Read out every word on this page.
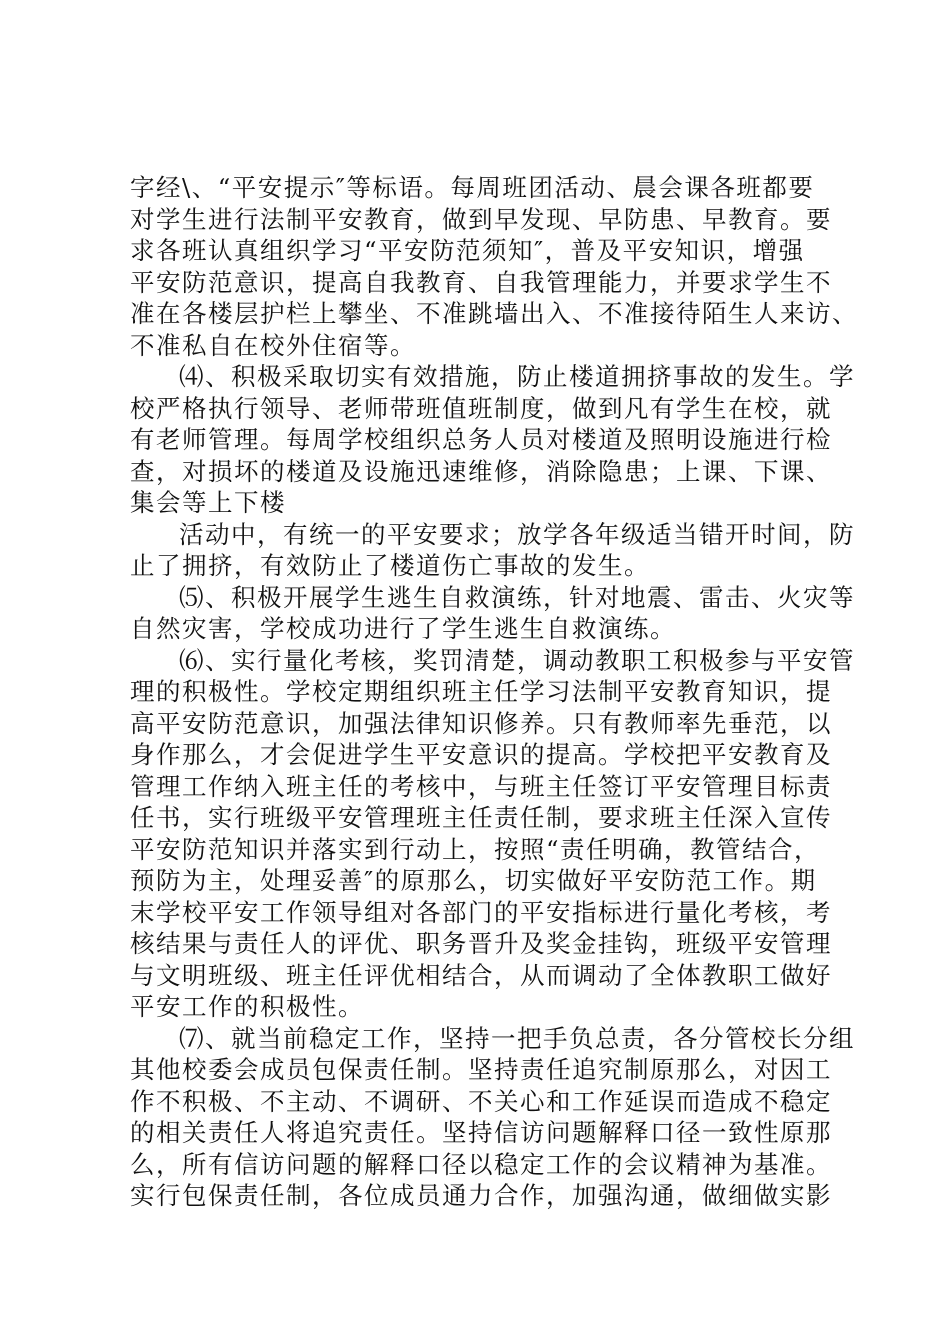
字经\、“平安提示″等标语。每周班团活动、晨会课各班都要
对学生进行法制平安教育，做到早发现、早防患、早教育。要
求各班认真组织学习“平安防范须知″，普及平安知识，增强
平安防范意识，提高自我教育、自我管理能力，并要求学生不
准在各楼层护栏上攀坐、不准跳墙出入、不准接待陌生人来访、
不准私自在校外住宿等。
⑷、积极采取切实有效措施，防止楼道拥挤事故的发生。学
校严格执行领导、老师带班值班制度，做到凡有学生在校，就
有老师管理。每周学校组织总务人员对楼道及照明设施进行检
查，对损坏的楼道及设施迅速维修，消除隐患；上课、下课、
集会等上下楼
活动中，有统一的平安要求；放学各年级适当错开时间，防
止了拥挤，有效防止了楼道伤亡事故的发生。
⑸、积极开展学生逃生自救演练，针对地震、雷击、火灾等
自然灾害，学校成功进行了学生逃生自救演练。
⑹、实行量化考核，奖罚清楚，调动教职工积极参与平安管
理的积极性。学校定期组织班主任学习法制平安教育知识，提
高平安防范意识，加强法律知识修养。只有教师率先垂范，以
身作那么，才会促进学生平安意识的提高。学校把平安教育及
管理工作纳入班主任的考核中，与班主任签订平安管理目标责
任书，实行班级平安管理班主任责任制，要求班主任深入宣传
平安防范知识并落实到行动上，按照“责任明确，教管结合，
预防为主，处理妥善″的原那么，切实做好平安防范工作。期
末学校平安工作领导组对各部门的平安指标进行量化考核，考
核结果与责任人的评优、职务晋升及奖金挂钩，班级平安管理
与文明班级、班主任评优相结合，从而调动了全体教职工做好
平安工作的积极性。
⑺、就当前稳定工作，坚持一把手负总责，各分管校长分组
其他校委会成员包保责任制。坚持责任追究制原那么，对因工
作不积极、不主动、不调研、不关心和工作延误而造成不稳定
的相关责任人将追究责任。坚持信访问题解释口径一致性原那
么，所有信访问题的解释口径以稳定工作的会议精神为基准。
实行包保责任制，各位成员通力合作，加强沟通，做细做实影
